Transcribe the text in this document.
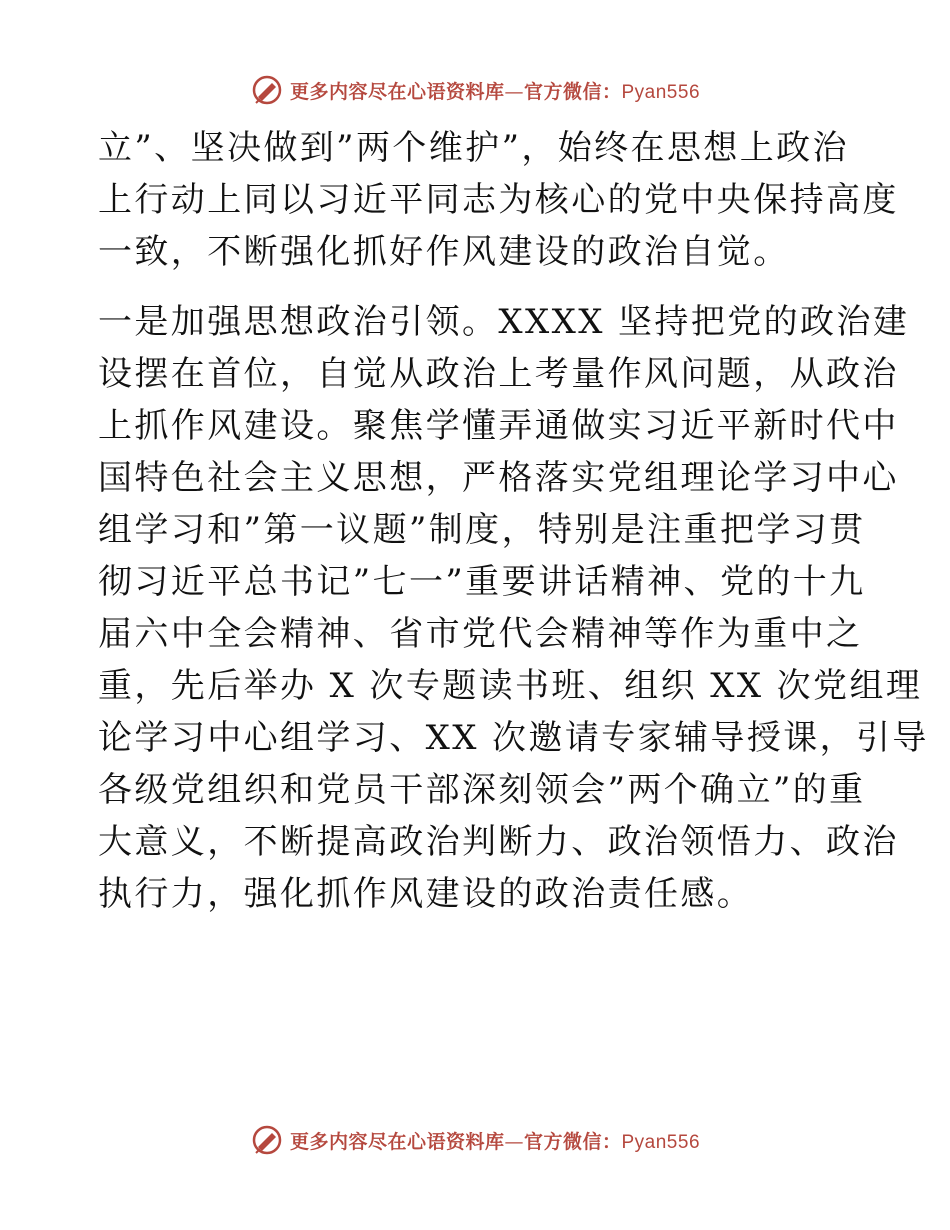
更多内容尽在心语资料库—官方微信：Pyan556
立”、坚决做到”两个维护”，始终在思想上政治
上行动上同以习近平同志为核心的党中央保持高度
一致，不断强化抓好作风建设的政治自觉。
一是加强思想政治引领。XXXX 坚持把党的政治建
设摆在首位，自觉从政治上考量作风问题，从政治
上抓作风建设。聚焦学懂弄通做实习近平新时代中
国特色社会主义思想，严格落实党组理论学习中心
组学习和”第一议题”制度，特别是注重把学习贯
彻习近平总书记”七一”重要讲话精神、党的十九
届六中全会精神、省市党代会精神等作为重中之
重，先后举办 X 次专题读书班、组织 XX 次党组理
论学习中心组学习、XX 次邀请专家辅导授课，引导
各级党组织和党员干部深刻领会”两个确立”的重
大意义，不断提高政治判断力、政治领悟力、政治
执行力，强化抓作风建设的政治责任感。
更多内容尽在心语资料库—官方微信：Pyan556
